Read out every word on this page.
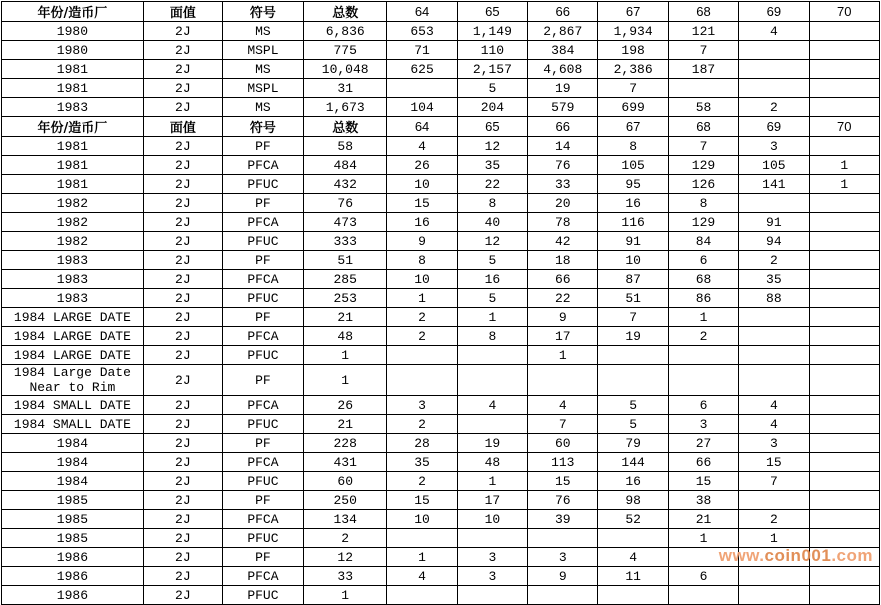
年份/造币厂	面值	符号	总数	64	65	66	67	68	69	70
1980	2J	MS	6,836	653	1,149	2,867	1,934	121	4	
1980	2J	MSPL	775	71	110	384	198	7		
1981	2J	MS	10,048	625	2,157	4,608	2,386	187		
1981	2J	MSPL	31		5	19	7			
1983	2J	MS	1,673	104	204	579	699	58	2	
年份/造币厂	面值	符号	总数	64	65	66	67	68	69	70
1981	2J	PF	58	4	12	14	8	7	3	
1981	2J	PFCA	484	26	35	76	105	129	105	1
1981	2J	PFUC	432	10	22	33	95	126	141	1
1982	2J	PF	76	15	8	20	16	8		
1982	2J	PFCA	473	16	40	78	116	129	91	
1982	2J	PFUC	333	9	12	42	91	84	94	
1983	2J	PF	51	8	5	18	10	6	2	
1983	2J	PFCA	285	10	16	66	87	68	35	
1983	2J	PFUC	253	1	5	22	51	86	88	
1984 LARGE DATE	2J	PF	21	2	1	9	7	1		
1984 LARGE DATE	2J	PFCA	48	2	8	17	19	2		
1984 LARGE DATE	2J	PFUC	1			1				
1984 Large Date
Near to Rim	2J	PF	1							
1984 SMALL DATE	2J	PFCA	26	3	4	4	5	6	4	
1984 SMALL DATE	2J	PFUC	21	2		7	5	3	4	
1984	2J	PF	228	28	19	60	79	27	3	
1984	2J	PFCA	431	35	48	113	144	66	15	
1984	2J	PFUC	60	2	1	15	16	15	7	
1985	2J	PF	250	15	17	76	98	38		
1985	2J	PFCA	134	10	10	39	52	21	2	
1985	2J	PFUC	2					1	1	
1986	2J	PF	12	1	3	3	4			
1986	2J	PFCA	33	4	3	9	11	6		
1986	2J	PFUC	1							
www.coin001.com
